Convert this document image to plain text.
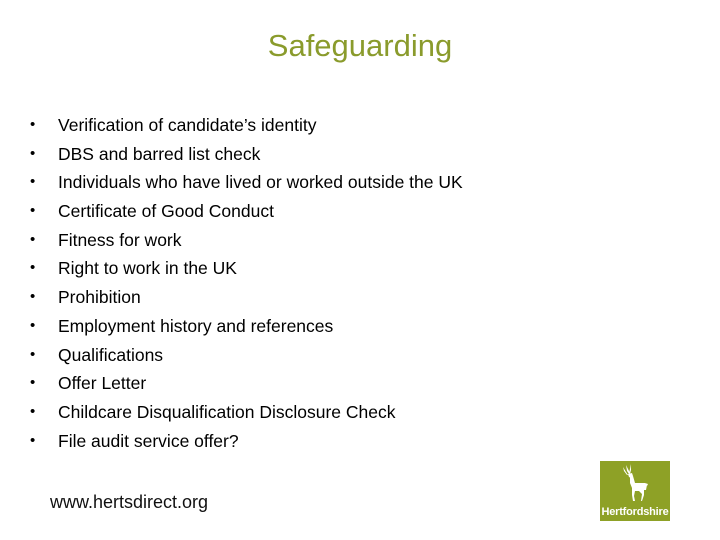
Safeguarding
• Verification of candidate’s identity
• DBS and barred list check
• Individuals who have lived or worked outside the UK
• Certificate of Good Conduct
• Fitness for work
• Right to work in the UK
• Prohibition
• Employment history and references
• Qualifications
• Offer Letter
• Childcare Disqualification Disclosure Check
• File audit service offer?
www.hertsdirect.org	Hertfordshire
